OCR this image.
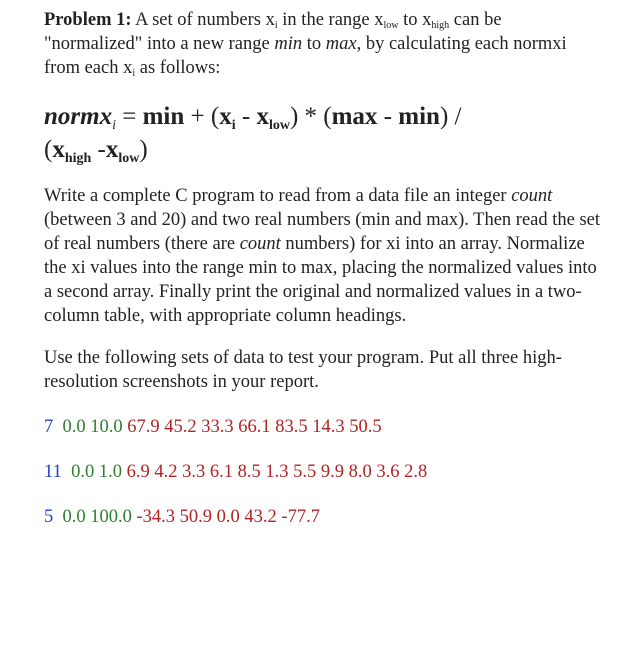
Problem 1: A set of numbers $x_i$ in the range $x_{low}$ to $x_{high}$ can be "normalized" into a new range min to max, by calculating each normxi from each $x_i$ as follows:

normx$_i$ = $\min + (x_i - x_{low}) * (\max - \min)$ /
($x_{high}$ $-x_{low}$)

Write a complete C program to read from a data file an integer count (between 3 and 20) and two real numbers (min and max). Then read the set of real numbers (there are count numbers) for xi into an array. Normalize the xi values into the range min to max, placing the normalized values into a second array. Finally print the original and normalized values in a two-column table, with appropriate column headings.

Use the following sets of data to test your program. Put all three high-resolution screenshots in your report.

7 0.0 10.0 67.9 45.2 33.3 66.1 83.5 14.3 50.5

11 0.0 1.0 6.9 4.2 3.3 6.1 8.5 1.3 5.5 9.9 8.0 3.6 2.8

5 0.0 100.0 -34.3 50.9 0.0 43.2 -77.7
